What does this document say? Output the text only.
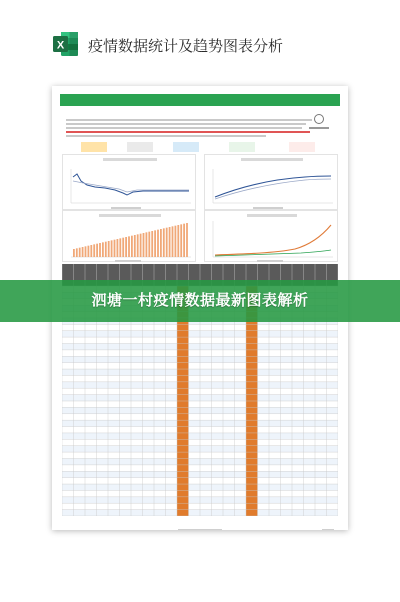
X 疫情数据统计及趋势图表分析
泗塘一村疫情数据最新图表解析
